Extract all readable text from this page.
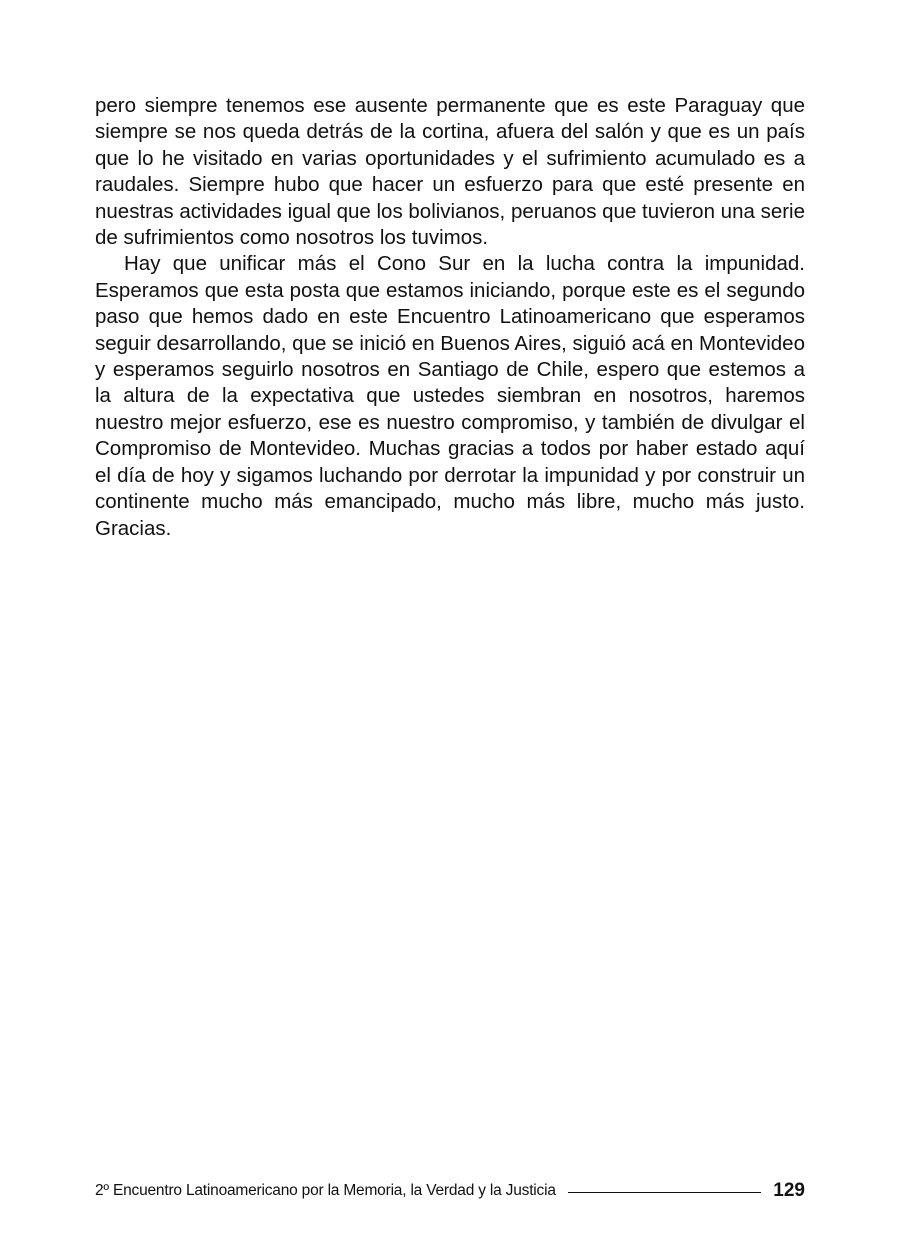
pero siempre tenemos ese ausente permanente que es este Paraguay que siempre se nos queda detrás de la cortina, afuera del salón y que es un país que lo he visitado en varias oportunidades y el sufrimiento acumulado es a raudales. Siempre hubo que hacer un esfuerzo para que esté presente en nuestras actividades igual que los bolivianos, peruanos que tuvieron una serie de sufrimientos como nosotros los tuvimos.

Hay que unificar más el Cono Sur en la lucha contra la impunidad. Esperamos que esta posta que estamos iniciando, porque este es el segundo paso que hemos dado en este Encuentro Latinoamericano que esperamos seguir desarrollando, que se inició en Buenos Aires, siguió acá en Montevideo y esperamos seguirlo nosotros en Santiago de Chile, espero que estemos a la altura de la expectativa que ustedes siembran en nosotros, haremos nuestro mejor esfuerzo, ese es nuestro compromiso, y también de divulgar el Compromiso de Montevideo. Muchas gracias a todos por haber estado aquí el día de hoy y sigamos luchando por derrotar la impunidad y por construir un continente mucho más emancipado, mucho más libre, mucho más justo. Gracias.

2º Encuentro Latinoamericano por la Memoria, la Verdad y la Justicia	129
